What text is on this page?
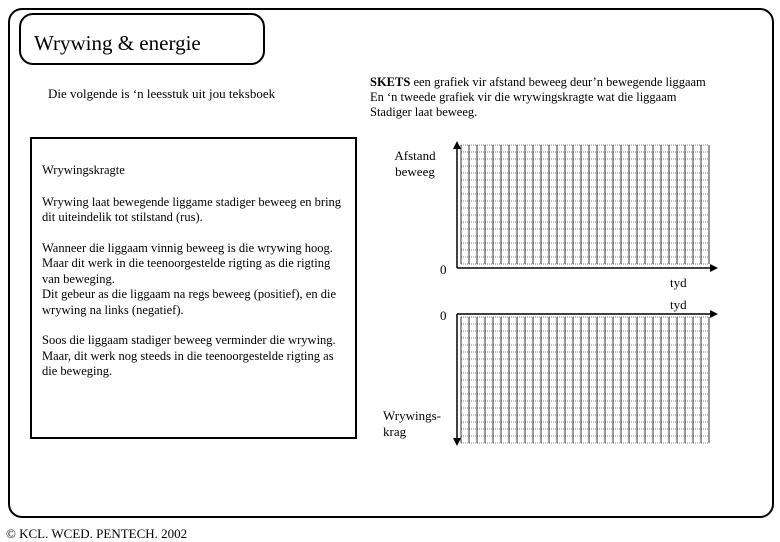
Wrywing & energie
Die volgende is ‘n leesstuk uit jou teksboek
SKETS een grafiek vir afstand beweeg deur’n bewegende liggaam
En ‘n tweede grafiek vir die wrywingskragte wat die liggaam
Stadiger laat beweeg.

Wrywingskragte

Wrywing laat bewegende liggame stadiger beweeg en bring dit uiteindelik tot stilstand (rus).

Wanneer die liggaam vinnig beweeg is die wrywing hoog.
Maar dit werk in die teenoorgestelde rigting as die rigting van beweging.
Dit gebeur as die liggaam na regs beweeg (positief), en die wrywing na links (negatief).

Soos die liggaam stadiger beweeg verminder die wrywing. Maar, dit werk nog steeds in die teenoorgestelde rigting as die beweging.

Afstand
beweeg
0
tyd
tyd
0
Wrywings-
krag
© KCL. WCED. PENTECH. 2002
